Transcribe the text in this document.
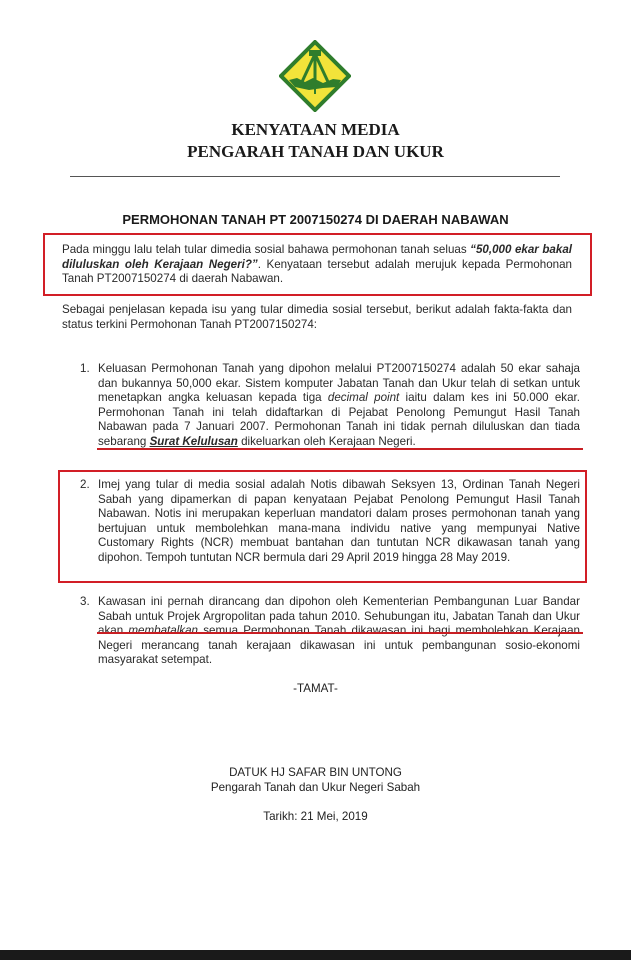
KENYATAAN MEDIA
PENGARAH TANAH DAN UKUR
PERMOHONAN TANAH PT 2007150274 DI DAERAH NABAWAN
Pada minggu lalu telah tular dimedia sosial bahawa permohonan tanah seluas “50,000 ekar bakal diluluskan oleh Kerajaan Negeri?”. Kenyataan tersebut adalah merujuk kepada Permohonan Tanah PT2007150274 di daerah Nabawan.
Sebagai penjelasan kepada isu yang tular dimedia sosial tersebut, berikut adalah fakta-fakta dan status terkini Permohonan Tanah PT2007150274:
1. Keluasan Permohonan Tanah yang dipohon melalui PT2007150274 adalah 50 ekar sahaja dan bukannya 50,000 ekar. Sistem komputer Jabatan Tanah dan Ukur telah di setkan untuk menetapkan angka keluasan kepada tiga decimal point iaitu dalam kes ini 50.000 ekar. Permohonan Tanah ini telah didaftarkan di Pejabat Penolong Pemungut Hasil Tanah Nabawan pada 7 Januari 2007. Permohonan Tanah ini tidak pernah diluluskan dan tiada sebarang Surat Kelulusan dikeluarkan oleh Kerajaan Negeri.
2. Imej yang tular di media sosial adalah Notis dibawah Seksyen 13, Ordinan Tanah Negeri Sabah yang dipamerkan di papan kenyataan Pejabat Penolong Pemungut Hasil Tanah Nabawan. Notis ini merupakan keperluan mandatori dalam proses permohonan tanah yang bertujuan untuk membolehkan mana-mana individu native yang mempunyai Native Customary Rights (NCR) membuat bantahan dan tuntutan NCR dikawasan tanah yang dipohon. Tempoh tuntutan NCR bermula dari 29 April 2019 hingga 28 May 2019.
3. Kawasan ini pernah dirancang dan dipohon oleh Kementerian Pembangunan Luar Bandar Sabah untuk Projek Argropolitan pada tahun 2010. Sehubungan itu, Jabatan Tanah dan Ukur akan membatalkan semua Permohonan Tanah dikawasan ini bagi membolehkan Kerajaan Negeri merancang tanah kerajaan dikawasan ini untuk pembangunan sosio-ekonomi masyarakat setempat.
-TAMAT-
DATUK HJ SAFAR BIN UNTONG
Pengarah Tanah dan Ukur Negeri Sabah
Tarikh: 21 Mei, 2019
